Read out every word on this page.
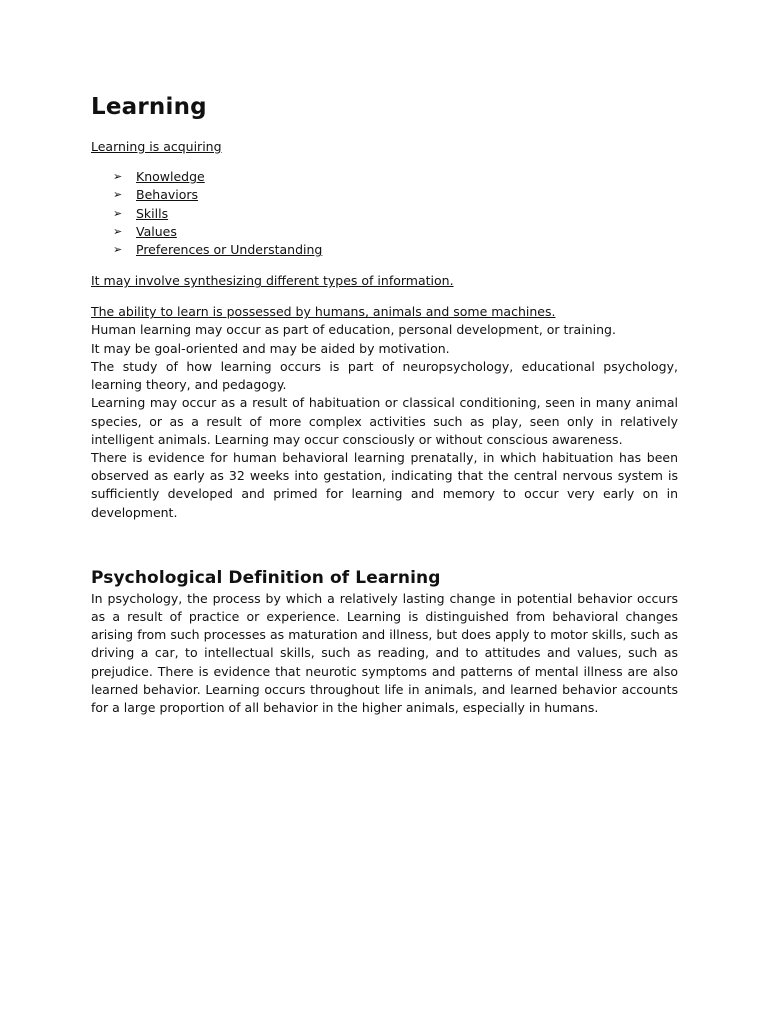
Learning

Learning is acquiring

➢ Knowledge
➢ Behaviors
➢ Skills
➢ Values
➢ Preferences or Understanding

It may involve synthesizing different types of information.

The ability to learn is possessed by humans, animals and some machines.

Human learning may occur as part of education, personal development, or training.

It may be goal-oriented and may be aided by motivation.

The study of how learning occurs is part of neuropsychology, educational psychology, learning theory, and pedagogy.

Learning may occur as a result of habituation or classical conditioning, seen in many animal species, or as a result of more complex activities such as play, seen only in relatively intelligent animals. Learning may occur consciously or without conscious awareness.

There is evidence for human behavioral learning prenatally, in which habituation has been observed as early as 32 weeks into gestation, indicating that the central nervous system is sufficiently developed and primed for learning and memory to occur very early on in development.

Psychological Definition of Learning

In psychology, the process by which a relatively lasting change in potential behavior occurs as a result of practice or experience. Learning is distinguished from behavioral changes arising from such processes as maturation and illness, but does apply to motor skills, such as driving a car, to intellectual skills, such as reading, and to attitudes and values, such as prejudice. There is evidence that neurotic symptoms and patterns of mental illness are also learned behavior. Learning occurs throughout life in animals, and learned behavior accounts for a large proportion of all behavior in the higher animals, especially in humans.
